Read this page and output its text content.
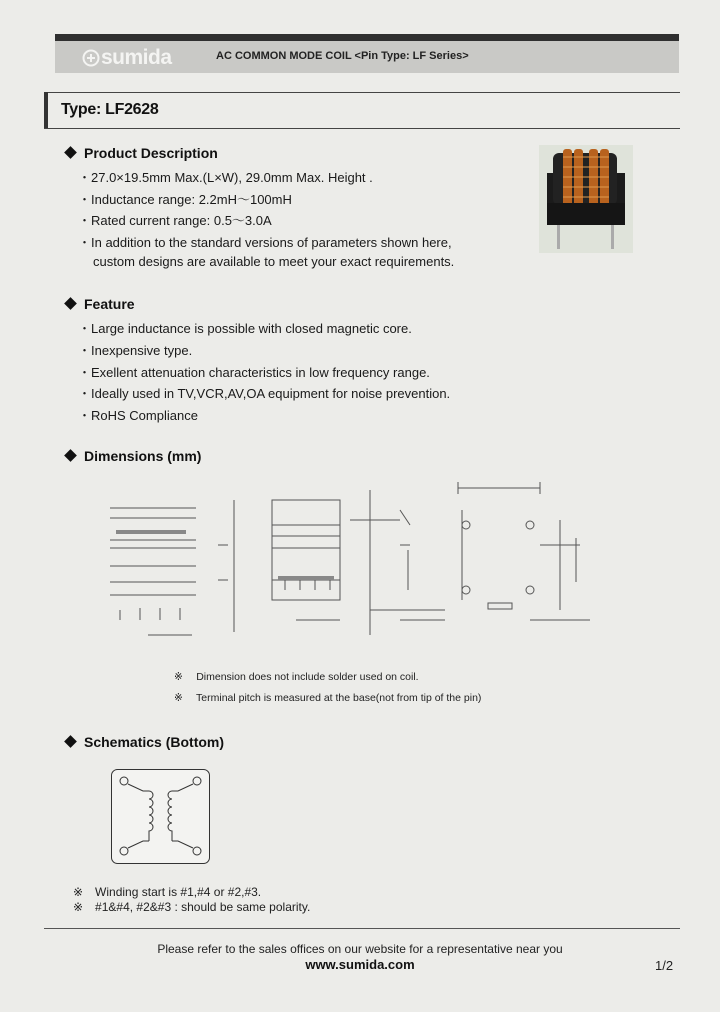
sumida	AC COMMON MODE COIL <Pin Type: LF Series>
Type: LF2628
Product Description
・27.0×19.5mm Max.(L×W), 29.0mm Max. Height .
・Inductance range: 2.2mH〜100mH
・Rated current range: 0.5〜3.0A
・In addition to the standard versions of parameters shown here,
custom designs are available to meet your exact requirements.
Feature
・Large inductance is possible with closed magnetic core.
・Inexpensive type.
・Exellent attenuation characteristics in low frequency range.
・Ideally used in TV,VCR,AV,OA equipment for noise prevention.
・RoHS Compliance
Dimensions (mm)
※　 Dimension does not include solder used on coil.
※　 Terminal pitch is measured at the base(not from tip of the pin)
Schematics (Bottom)
※　Winding start is #1,#4 or #2,#3.
※　#1&#4, #2&#3 : should be same polarity.
Please refer to the sales offices on our website for a representative near you
www.sumida.com	1/2
